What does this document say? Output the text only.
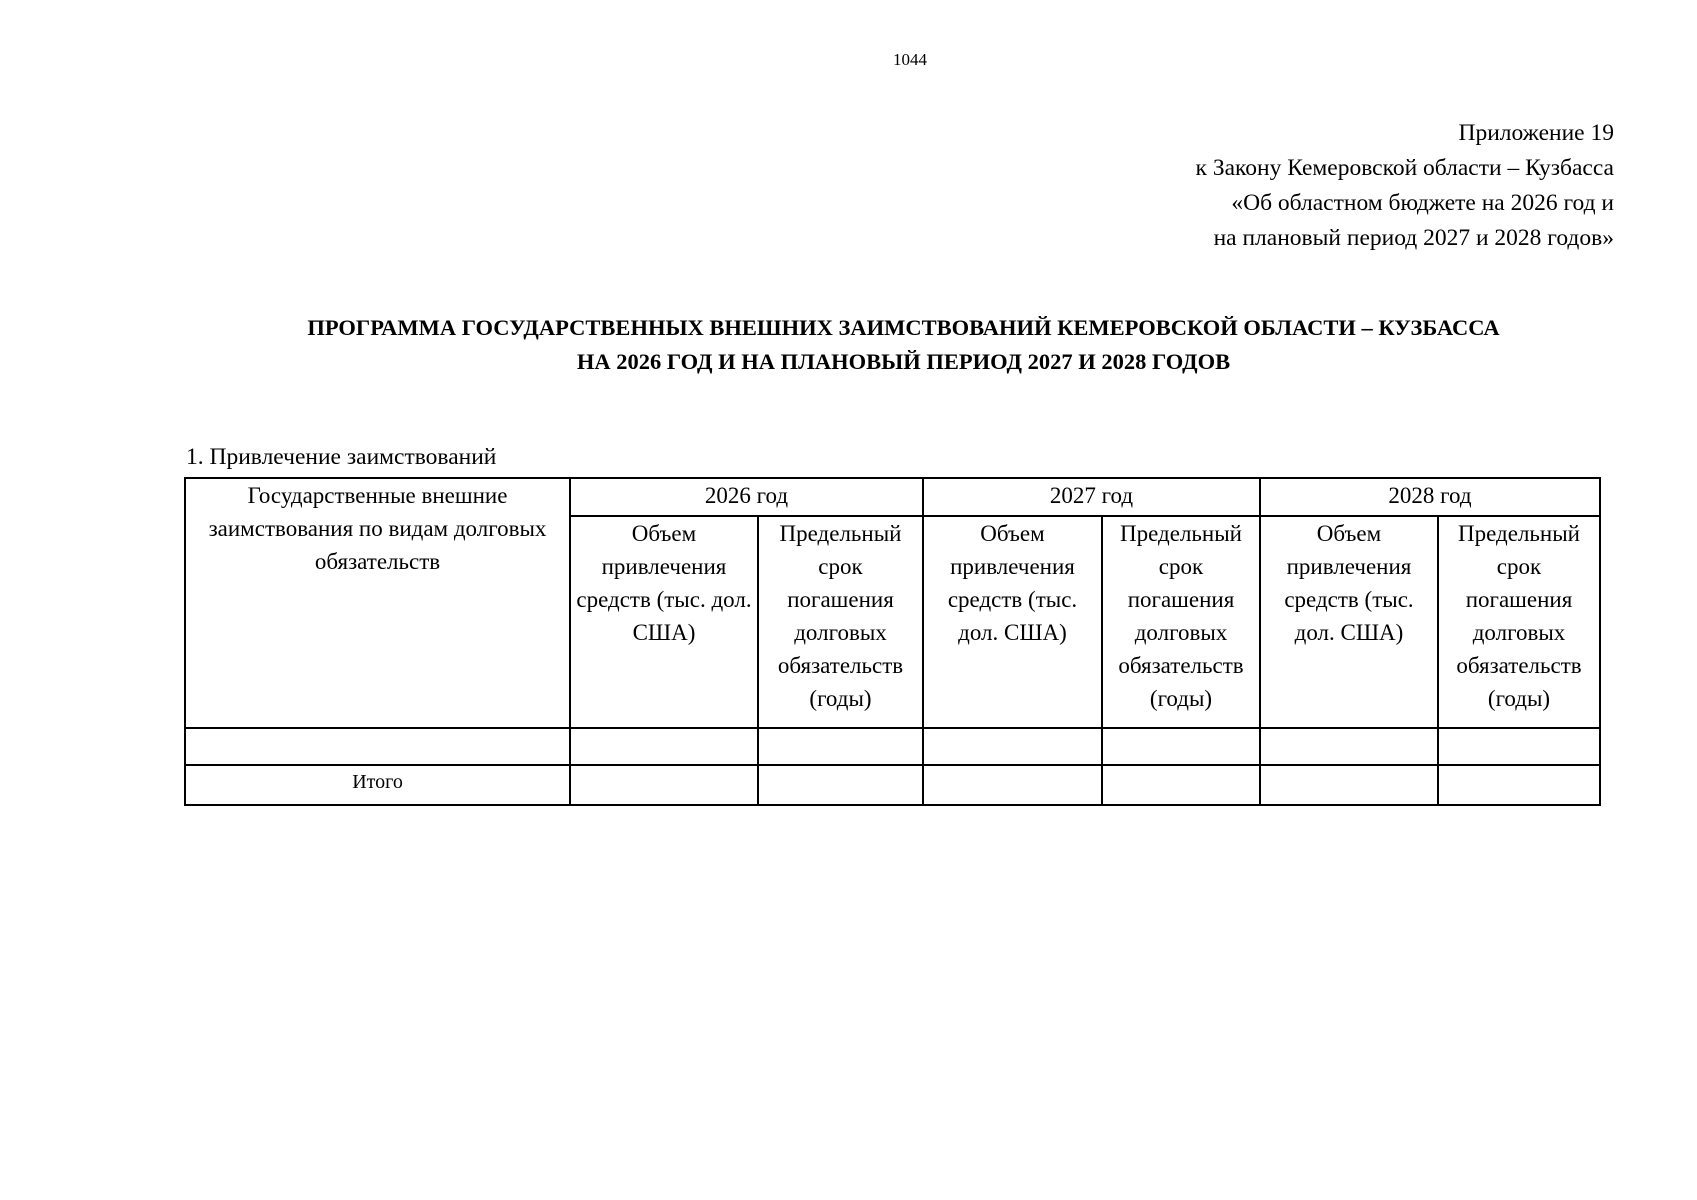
1044
Приложение 19
к Закону Кемеровской области – Кузбасса
«Об областном бюджете на 2026 год и
на плановый период 2027 и 2028 годов»
ПРОГРАММА ГОСУДАРСТВЕННЫХ ВНЕШНИХ ЗАИМСТВОВАНИЙ КЕМЕРОВСКОЙ ОБЛАСТИ – КУЗБАССА
НА 2026 ГОД И НА ПЛАНОВЫЙ ПЕРИОД 2027 И 2028 ГОДОВ
1. Привлечение заимствований
Государственные внешние заимствования по видам долговых обязательств	2026 год		2027 год		2028 год	
	Объем привлечения средств (тыс. дол. США)	Предельный срок погашения долговых обязательств (годы)	Объем привлечения средств (тыс. дол. США)	Предельный срок погашения долговых обязательств (годы)	Объем привлечения средств (тыс. дол. США)	Предельный срок погашения долговых обязательств (годы)

Итого						
